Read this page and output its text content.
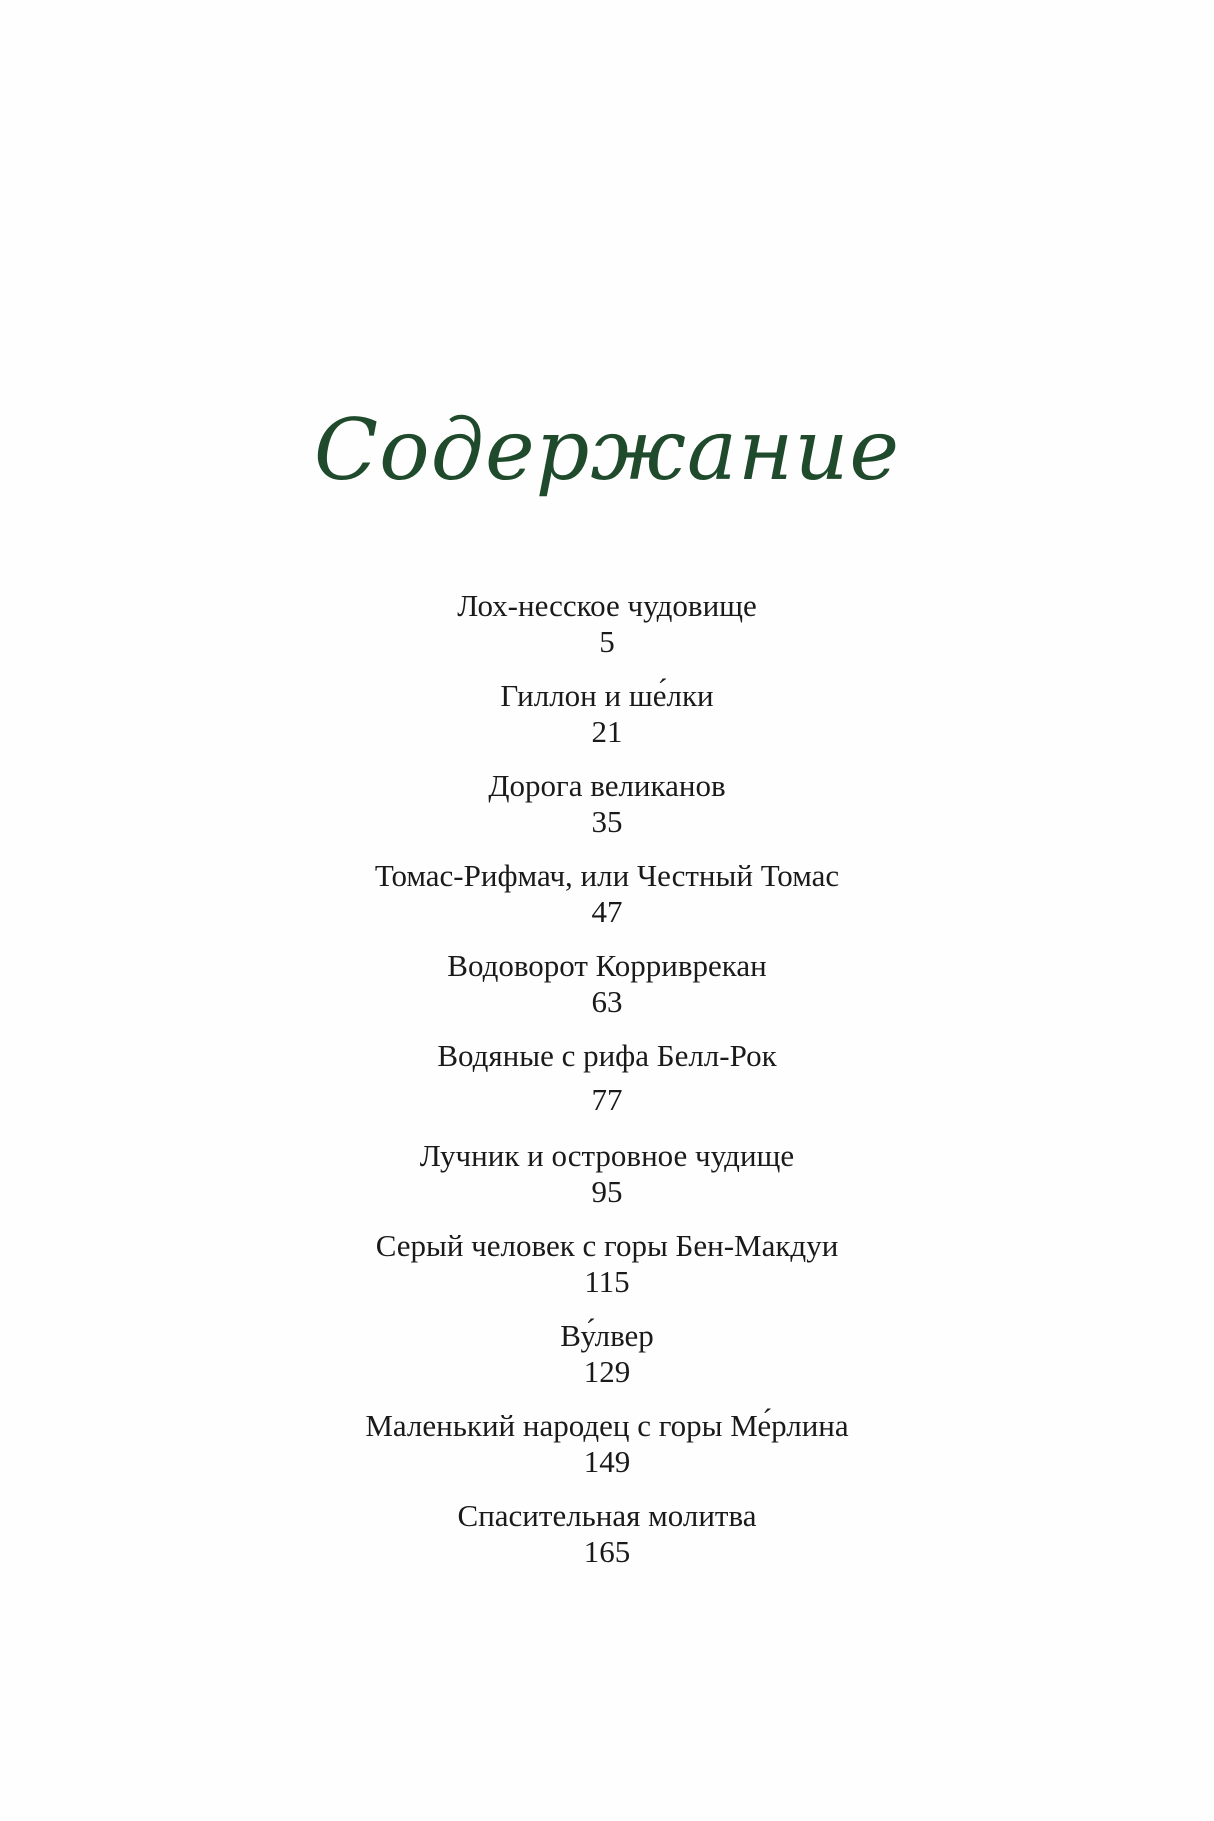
Содержание
Лох-несское чудовище
5
Гиллон и ше́лки
21
Дорога великанов
35
Томас-Рифмач, или Честный Томас
47
Водоворот Корриврекан
63
Водяные с рифа Белл-Рок
77
Лучник и островное чудище
95
Серый человек с горы Бен-Макдуи
115
Ву́лвер
129
Маленький народец с горы Ме́рлина
149
Спасительная молитва
165
